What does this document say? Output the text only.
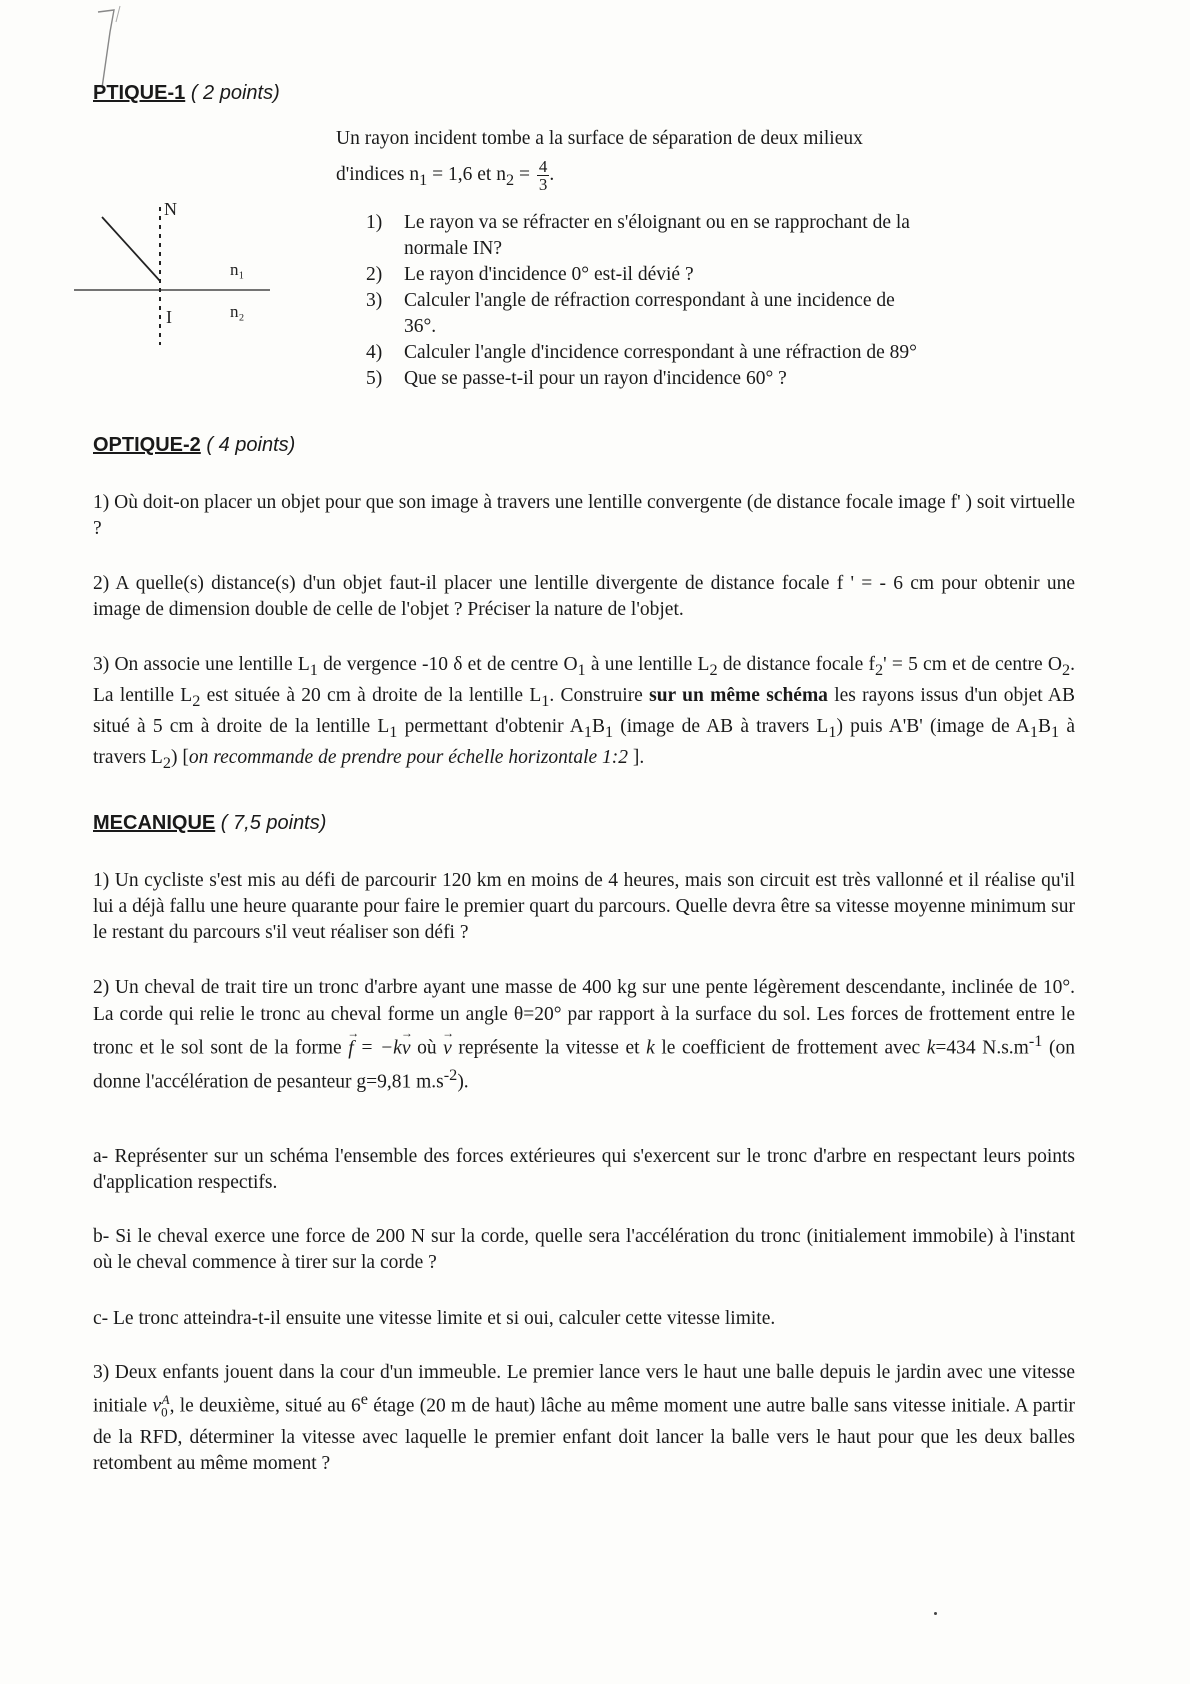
PTIQUE-1 ( 2 points)
Un rayon incident tombe a la surface de séparation de deux milieux
d'indices $n_1 = 1,6$ et $n_2 = \frac{4}{3}$ .
N
I
n₁
n₂
1)	Le rayon va se réfracter en s'éloignant ou en se rapprochant de la
normale IN?
2)	Le rayon d'incidence 0° est-il dévié ?
3)	Calculer l'angle de réfraction correspondant à une incidence de
36°.
4)	Calculer l'angle d'incidence correspondant à une réfraction de 89°
5)	Que se passe-t-il pour un rayon d'incidence 60° ?
OPTIQUE-2 ( 4 points)
1) Où doit-on placer un objet pour que son image à travers une lentille convergente (de distance focale image f' ) soit virtuelle ?
2) A quelle(s) distance(s) d'un objet faut-il placer une lentille divergente de distance focale f ' = - 6 cm pour obtenir une image de dimension double de celle de l'objet ? Préciser la nature de l'objet.
3) On associe une lentille $L_1$ de vergence -10 δ et de centre $O_1$ à une lentille $L_2$ de distance focale $f_2' = 5$ cm et de centre $O_2$. La lentille $L_2$ est située à 20 cm à droite de la lentille $L_1$. Construire sur un même schéma les rayons issus d'un objet AB situé à 5 cm à droite de la lentille $L_1$ permettant d'obtenir $A_1B_1$ (image de AB à travers $L_1$) puis A'B' (image de $A_1B_1$ à travers $L_2$) [on recommande de prendre pour échelle horizontale 1:2 ].
MECANIQUE ( 7,5 points)
1) Un cycliste s'est mis au défi de parcourir 120 km en moins de 4 heures, mais son circuit est très vallonné et il réalise qu'il lui a déjà fallu une heure quarante pour faire le premier quart du parcours. Quelle devra être sa vitesse moyenne minimum sur le restant du parcours s'il veut réaliser son défi ?
2) Un cheval de trait tire un tronc d'arbre ayant une masse de 400 kg sur une pente légèrement descendante, inclinée de 10°. La corde qui relie le tronc au cheval forme un angle θ=20° par rapport à la surface du sol. Les forces de frottement entre le tronc et le sol sont de la forme → f = −k→ v où → v représente la vitesse et k le coefficient de frottement avec k=434 $N.s.m^{-1}$ (on donne l'accélération de pesanteur g=9,81 $m.s^{-2}$).
a- Représenter sur un schéma l'ensemble des forces extérieures qui s'exercent sur le tronc d'arbre en respectant leurs points d'application respectifs.
b- Si le cheval exerce une force de 200 N sur la corde, quelle sera l'accélération du tronc (initialement immobile) à l'instant où le cheval commence à tirer sur la corde ?
c- Le tronc atteindra-t-il ensuite une vitesse limite et si oui, calculer cette vitesse limite.
3) Deux enfants jouent dans la cour d'un immeuble. Le premier lance vers le haut une balle depuis le jardin avec une vitesse initiale $v_0^A$, le deuxième, situé au 6e étage (20 m de haut) lâche au même moment une autre balle sans vitesse initiale. A partir de la RFD, déterminer la vitesse avec laquelle le premier enfant doit lancer la balle vers le haut pour que les deux balles retombent au même moment ?
